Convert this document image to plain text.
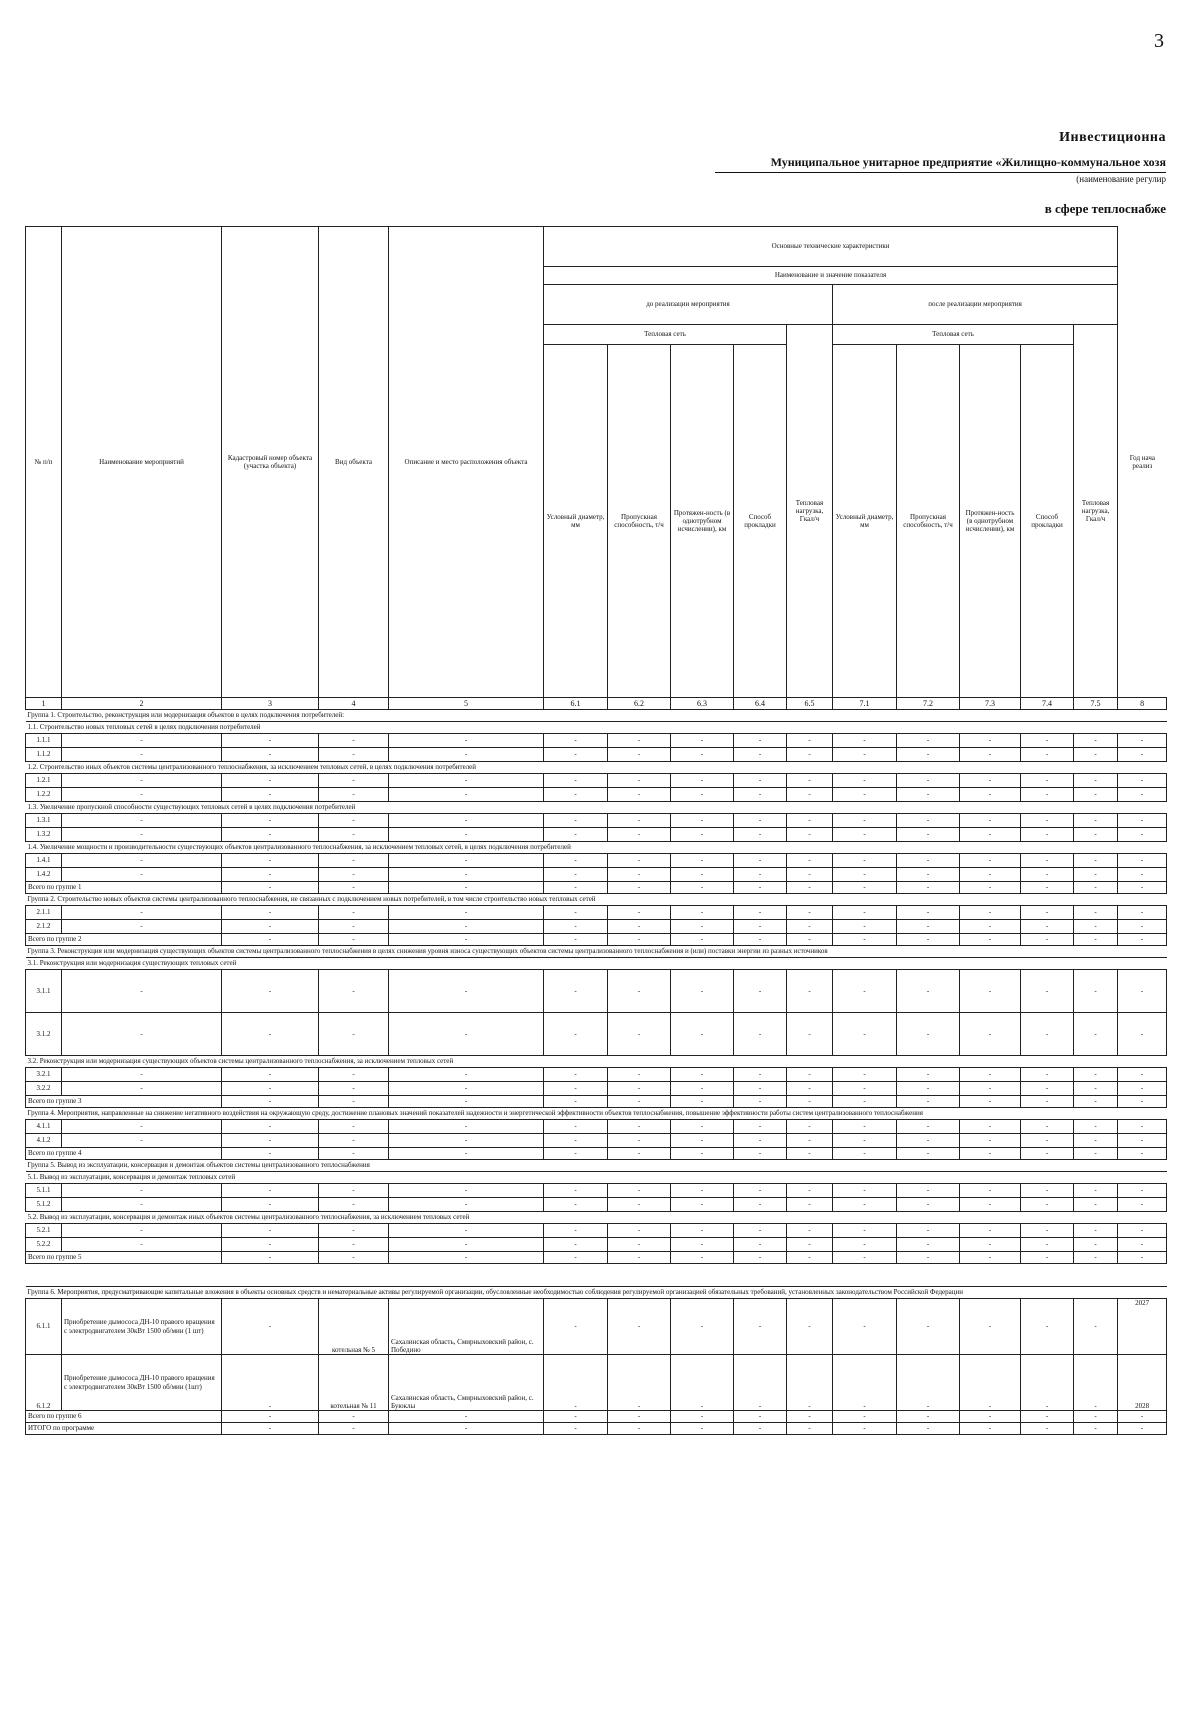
3
Инвестиционна
Муниципальное унитарное предприятие «Жилищно-коммунальное хозя
(наименование регулир
в сфере теплоснабже
№ п/п	Наименование мероприятий	Кадастровый номер объекта (участка объекта)	Вид объекта	Описание и место расположения объекта	Основные технические характеристики										Год нача реализ
					Наименование и значение показателя										
					до реализации мероприятия					после реализации мероприятия					
					Тепловая сеть				Тепловая нагрузка, Гкал/ч	Тепловая сеть				Тепловая нагрузка, Гкал/ч	
					Условный диаметр, мм	Пропускная способность, т/ч	Протяжен-ность (в однотрубном исчислении), км	Способ прокладки		Условный диаметр, мм	Пропускная способность, т/ч	Протяжен-ность (в однотрубном исчислении), км	Способ прокладки		
1	2	3	4	5	6.1	6.2	6.3	6.4	6.5	7.1	7.2	7.3	7.4	7.5	8
Группа 1. Строительство, реконструкция или модернизация объектов в целях подключения потребителей:															
1.1. Строительство новых тепловых сетей в целях подключения потребителей															
1.1.1	-	-	-	-	-	-	-	-	-	-	-	-	-	-	-
1.1.2	-	-	-	-	-	-	-	-	-	-	-	-	-	-	-
1.2. Строительство иных объектов системы централизованного теплоснабжения, за исключением тепловых сетей, в целях подключения потребителей															
1.2.1	-	-	-	-	-	-	-	-	-	-	-	-	-	-	-
1.2.2	-	-	-	-	-	-	-	-	-	-	-	-	-	-	-
1.3. Увеличение пропускной способности существующих тепловых сетей в целях подключения потребителей															
1.3.1	-	-	-	-	-	-	-	-	-	-	-	-	-	-	-
1.3.2	-	-	-	-	-	-	-	-	-	-	-	-	-	-	-
1.4. Увеличение мощности и производительности существующих объектов централизованного теплоснабжения, за исключением тепловых сетей, в целях подключения потребителей															
1.4.1	-	-	-	-	-	-	-	-	-	-	-	-	-	-	-
1.4.2	-	-	-	-	-	-	-	-	-	-	-	-	-	-	-
Всего по группе 1		-	-	-	-	-	-	-	-	-	-	-	-	-	-
Группа 2. Строительство новых объектов системы централизованного теплоснабжения, не связанных с подключением новых потребителей, в том числе строительство новых тепловых сетей															
2.1.1	-	-	-	-	-	-	-	-	-	-	-	-	-	-	-
2.1.2	-	-	-	-	-	-	-	-	-	-	-	-	-	-	-
Всего по группе 2		-	-	-	-	-	-	-	-	-	-	-	-	-	-
Группа 3. Реконструкция или модернизация существующих объектов системы централизованного теплоснабжения в целях снижения уровня износа существующих объектов системы централизованного теплоснабжения и (или) поставки энергии из разных источников															
3.1. Реконструкция или модернизация существующих тепловых сетей															
3.1.1	-	-	-	-	-	-	-	-	-	-	-	-	-	-	-
3.1.2	-	-	-	-	-	-	-	-	-	-	-	-	-	-	-
3.2. Реконструкция или модернизация существующих объектов системы централизованного теплоснабжения, за исключением тепловых сетей															
3.2.1	-	-	-	-	-	-	-	-	-	-	-	-	-	-	-
3.2.2	-	-	-	-	-	-	-	-	-	-	-	-	-	-	-
Всего по группе 3		-	-	-	-	-	-	-	-	-	-	-	-	-	-
Группа 4. Мероприятия, направленные на снижение негативного воздействия на окружающую среду, достижение плановых значений показателей надежности и энергетической эффективности объектов теплоснабжения, повышение эффективности работы систем централизованного теплоснабжения															
4.1.1	-	-	-	-	-	-	-	-	-	-	-	-	-	-	-
4.1.2	-	-	-	-	-	-	-	-	-	-	-	-	-	-	-
Всего по группе 4		-	-	-	-	-	-	-	-	-	-	-	-	-	-
Группа 5. Вывод из эксплуатации, консервация и демонтаж объектов системы централизованного теплоснабжения															
5.1. Вывод из эксплуатации, консервация и демонтаж тепловых сетей															
5.1.1	-	-	-	-	-	-	-	-	-	-	-	-	-	-	-
5.1.2	-	-	-	-	-	-	-	-	-	-	-	-	-	-	-
5.2. Вывод из эксплуатации, консервация и демонтаж иных объектов системы централизованного теплоснабжения, за исключением тепловых сетей															
5.2.1	-	-	-	-	-	-	-	-	-	-	-	-	-	-	-
5.2.2	-	-	-	-	-	-	-	-	-	-	-	-	-	-	-
Всего по группе 5		-	-	-	-	-	-	-	-	-	-	-	-	-	-

Группа 6. Мероприятия, предусматривающие капитальные вложения в объекты основных средств и нематериальные активы регулируемой организации, обусловленные необходимостью соблюдения регулируемой организацией обязательных требований, установленных законодательством Российской Федерации															
6.1.1	Приобретение дымососа ДН-10 правого вращения с электродвигателем 30кВт 1500 об/мин (1 шт)	-	котельная № 5	Сахалинская область, Смирныховский район, с. Победино	-	-	-	-	-	-	-	-	-	-	2027
6.1.2	Приобретение дымососа ДН-10 правого вращения с электродвигателем 30кВт 1500 об/мин (1шт)	-	котельная № 11	Сахалинская область, Смирныховский район, с. Буюклы	-	-	-	-	-	-	-	-	-	-	2028
Всего по группе 6		-	-	-	-	-	-	-	-	-	-	-	-	-	-
ИТОГО по программе		-	-	-	-	-	-	-	-	-	-	-	-	-	-
